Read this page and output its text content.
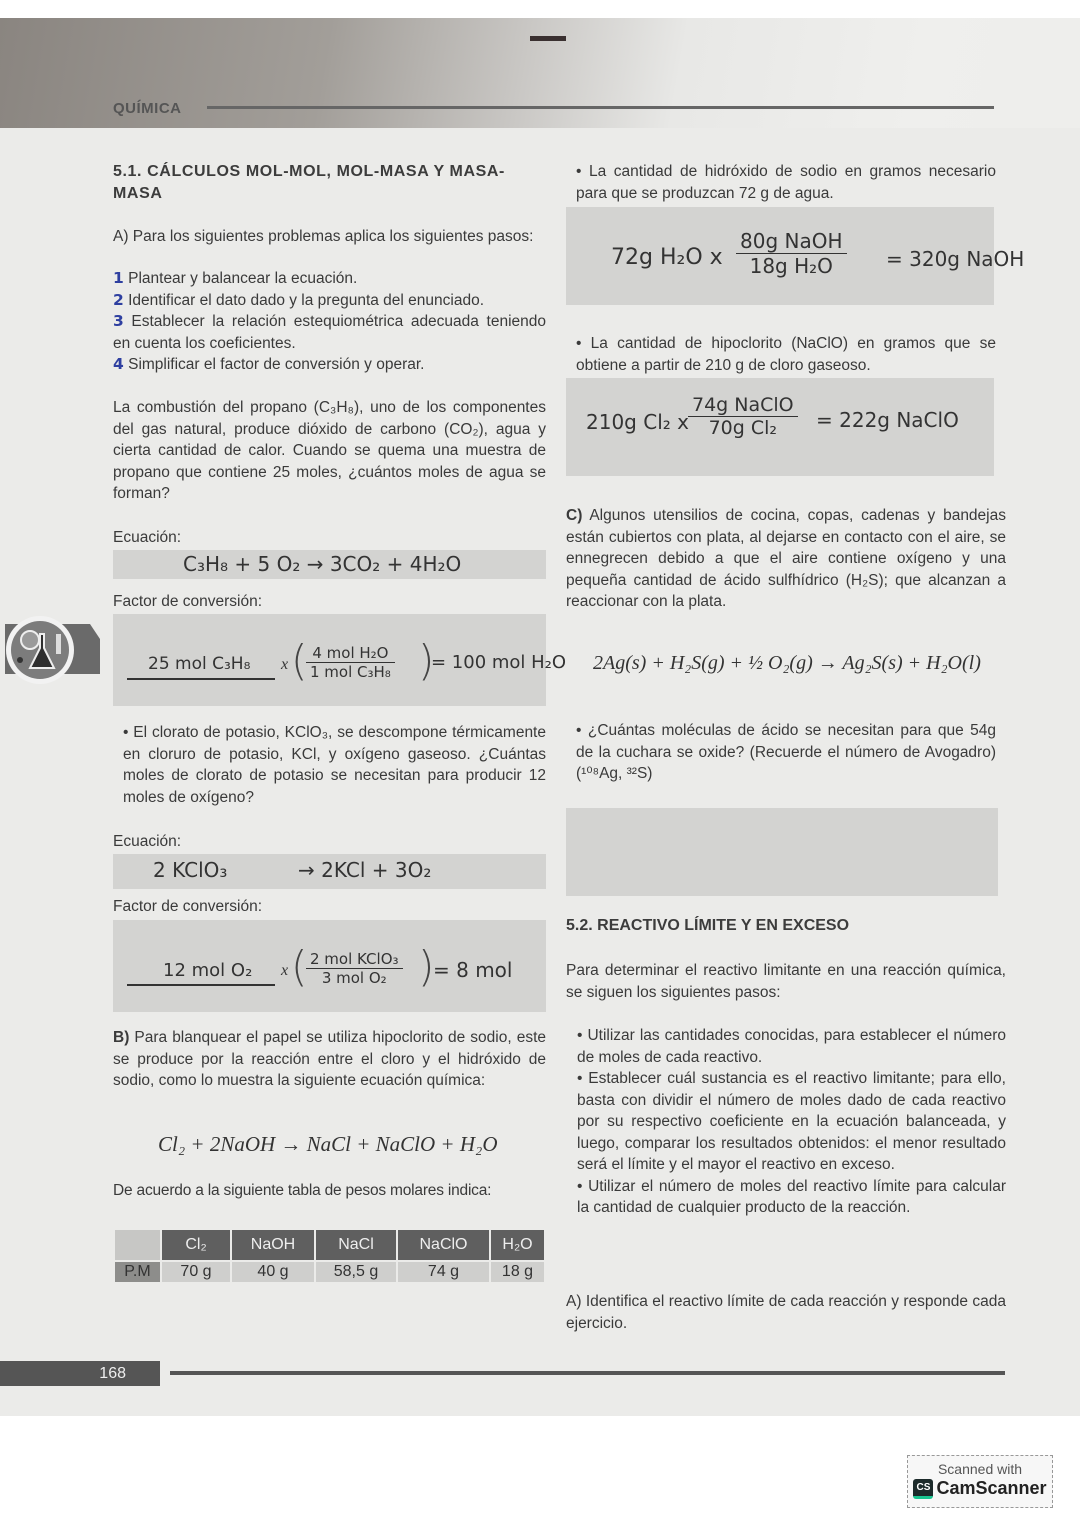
QUÍMICA
5.1. CÁLCULOS MOL-MOL, MOL-MASA Y MASA-MASA
A) Para los siguientes problemas aplica los siguientes pasos:
1 Plantear y balancear la ecuación.
2 Identificar el dato dado y la pregunta del enunciado.
3 Establecer la relación estequiométrica adecuada teniendo en cuenta los coeficientes.
4 Simplificar el factor de conversión y operar.
La combustión del propano (C₃H₈), uno de los componentes del gas natural, produce dióxido de carbono (CO₂), agua y cierta cantidad de calor. Cuando se quema una muestra de propano que contiene 25 moles, ¿cuántos moles de agua se forman?
Ecuación:
C₃H₈ + 5 O₂ → 3CO₂ + 4H₂O
Factor de conversión:
25 mol C₃H₈ x ( 4 mol H₂O
1 mol C₃H₈ )
= 100 mol H₂O
• El clorato de potasio, KClO₃, se descompone térmicamente en cloruro de potasio, KCl, y oxígeno gaseoso. ¿Cuántas moles de clorato de potasio se necesitan para producir 12 moles de oxígeno?
Ecuación:
2 KClO₃	→ 2KCl + 3O₂
Factor de conversión:
12 mol O₂ x ( 2 mol KClO₃
3 mol O₂ )
= 8 mol
B) Para blanquear el papel se utiliza hipoclorito de sodio, este se produce por la reacción entre el cloro y el hidróxido de sodio, como lo muestra la siguiente ecuación química:
Cl₂ + 2NaOH → NaCl + NaClO + H₂O
De acuerdo a la siguiente tabla de pesos molares indica:
	Cl₂	NaOH	NaCl	NaClO	H₂O
P.M	70 g	40 g	58,5 g	74 g	18 g
• La cantidad de hidróxido de sodio en gramos necesario para que se produzcan 72 g de agua.
72g H₂O x
80g NaOH
18g H₂O	= 320g NaOH
• La cantidad de hipoclorito (NaClO) en gramos que se obtiene a partir de 210 g de cloro gaseoso.
210g Cl₂ x
74g NaClO
70g Cl₂	= 222g NaClO
C) Algunos utensilios de cocina, copas, cadenas y bandejas están cubiertos con plata, al dejarse en contacto con el aire, se ennegrecen debido a que el aire contiene oxígeno y una pequeña cantidad de ácido sulfhídrico (H₂S); que alcanzan a reaccionar con la plata.
2Ag(s) + H₂S(g) + ½ O₂(g) → Ag₂S(s) + H₂O(l)
• ¿Cuántas moléculas de ácido se necesitan para que 54g de la cuchara se oxide? (Recuerde el número de Avogadro) (¹⁰⁸Ag, ³²S)
5.2. REACTIVO LÍMITE Y EN EXCESO
Para determinar el reactivo limitante en una reacción química, se siguen los siguientes pasos:
• Utilizar las cantidades conocidas, para establecer el número de moles de cada reactivo.
• Establecer cuál sustancia es el reactivo limitante; para ello, basta con dividir el número de moles dado de cada reactivo por su respectivo coeficiente en la ecuación balanceada, y luego, comparar los resultados obtenidos: el menor resultado será el límite y el mayor el reactivo en exceso.
• Utilizar el número de moles del reactivo límite para calcular la cantidad de cualquier producto de la reacción.
A) Identifica el reactivo límite de cada reacción y responde cada ejercicio.
168
Scanned with
CS CamScanner
